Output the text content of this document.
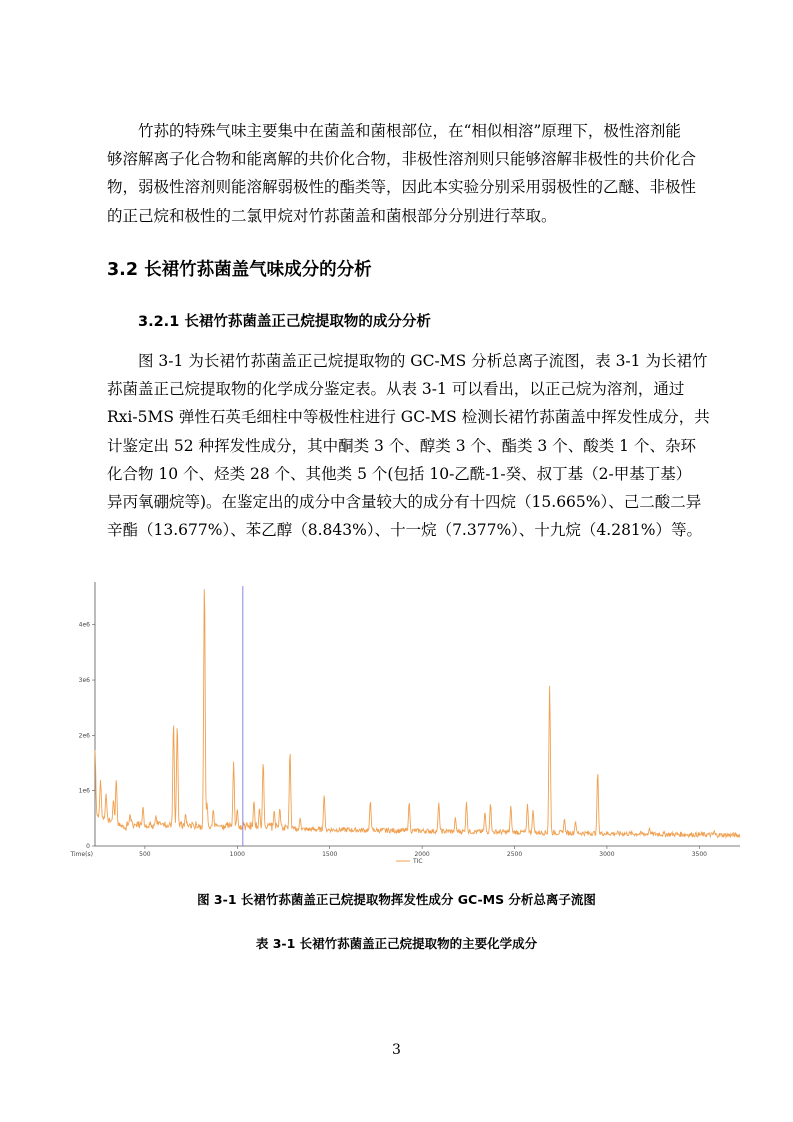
竹荪的特殊气味主要集中在菌盖和菌根部位，在“相似相溶”原理下，极性溶剂能
够溶解离子化合物和能离解的共价化合物，非极性溶剂则只能够溶解非极性的共价化合
物，弱极性溶剂则能溶解弱极性的酯类等，因此本实验分别采用弱极性的乙醚、非极性
的正己烷和极性的二氯甲烷对竹荪菌盖和菌根部分分别进行萃取。
3.2 长裙竹荪菌盖气味成分的分析
3.2.1 长裙竹荪菌盖正己烷提取物的成分分析
图 3-1 为长裙竹荪菌盖正己烷提取物的 GC-MS 分析总离子流图，表 3-1 为长裙竹
荪菌盖正己烷提取物的化学成分鉴定表。从表 3-1 可以看出，以正己烷为溶剂，通过
Rxi-5MS 弹性石英毛细柱中等极性柱进行 GC-MS 检测长裙竹荪菌盖中挥发性成分，共
计鉴定出 52 种挥发性成分，其中酮类 3 个、醇类 3 个、酯类 3 个、酸类 1 个、杂环
化合物 10 个、烃类 28 个、其他类 5 个(包括 10-乙酰-1-癸、叔丁基（2-甲基丁基）
异丙氧硼烷等)。在鉴定出的成分中含量较大的成分有十四烷（15.665%）、己二酸二异
辛酯（13.677%）、苯乙醇（8.843%）、十一烷（7.377%）、十九烷（4.281%）等。
0
1e6
2e6
3e6
4e6
500	1000	1500	2000	2500	3000	3500
Time(s)
TIC

图 3-1 长裙竹荪菌盖正己烷提取物挥发性成分 GC-MS 分析总离子流图

表 3-1 长裙竹荪菌盖正己烷提取物的主要化学成分

3
